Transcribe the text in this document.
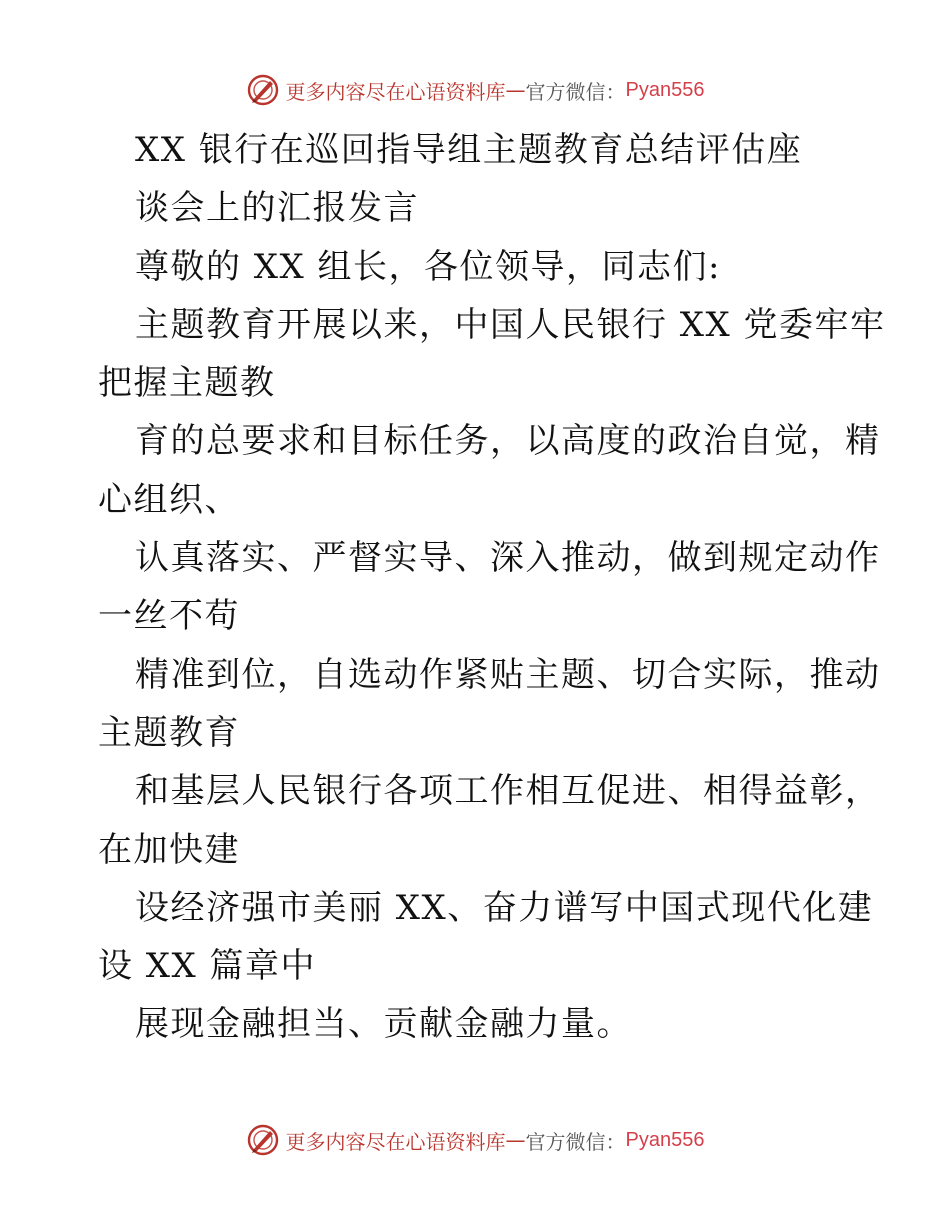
更多内容尽在心语资料库 — 官方微信： Pyan556
XX 银行在巡回指导组主题教育总结评估座
谈会上的汇报发言
尊敬的 XX 组长，各位领导，同志们:
主题教育开展以来，中国人民银行 XX 党委牢牢
把握主题教
育的总要求和目标任务，以高度的政治自觉，精
心组织、
认真落实、严督实导、深入推动，做到规定动作
一丝不苟
精准到位，自选动作紧贴主题、切合实际，推动
主题教育
和基层人民银行各项工作相互促进、相得益彰，
在加快建
设经济强市美丽 XX、奋力谱写中国式现代化建
设 XX 篇章中
展现金融担当、贡献金融力量。
更多内容尽在心语资料库 — 官方微信： Pyan556
